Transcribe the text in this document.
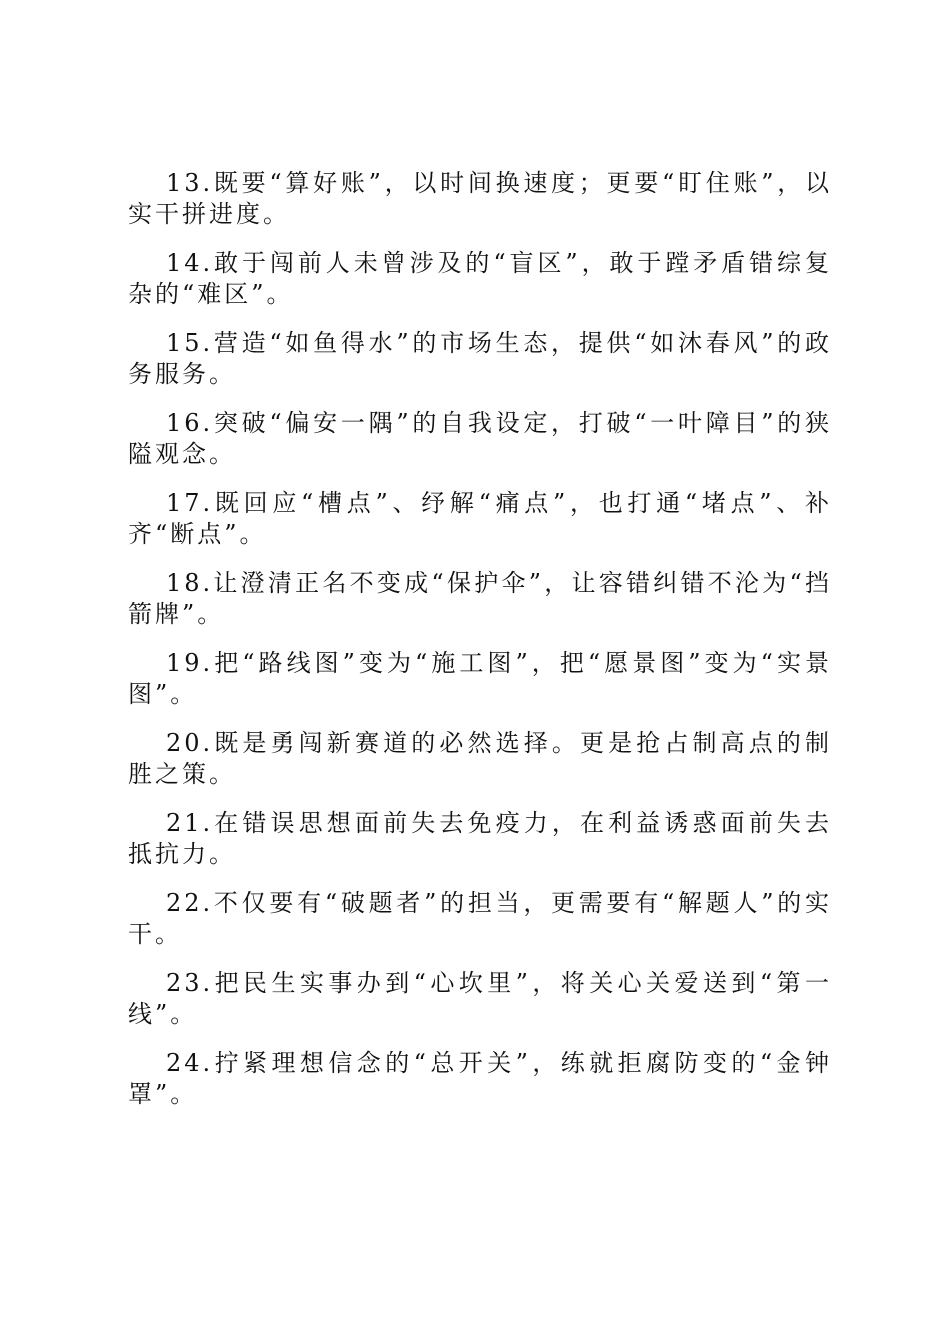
13.既要“算好账”，以时间换速度；更要“盯住账”，以实干拼进度。

14.敢于闯前人未曾涉及的“盲区”，敢于蹚矛盾错综复杂的“难区”。

15.营造“如鱼得水”的市场生态，提供“如沐春风”的政务服务。

16.突破“偏安一隅”的自我设定，打破“一叶障目”的狭隘观念。

17.既回应“槽点”、纾解“痛点”，也打通“堵点”、补齐“断点”。

18.让澄清正名不变成“保护伞”，让容错纠错不沦为“挡箭牌”。

19.把“路线图”变为“施工图”，把“愿景图”变为“实景图”。

20.既是勇闯新赛道的必然选择。更是抢占制高点的制胜之策。

21.在错误思想面前失去免疫力，在利益诱惑面前失去抵抗力。

22.不仅要有“破题者”的担当，更需要有“解题人”的实干。

23.把民生实事办到“心坎里”，将关心关爱送到“第一线”。

24.拧紧理想信念的“总开关”，练就拒腐防变的“金钟罩”。
